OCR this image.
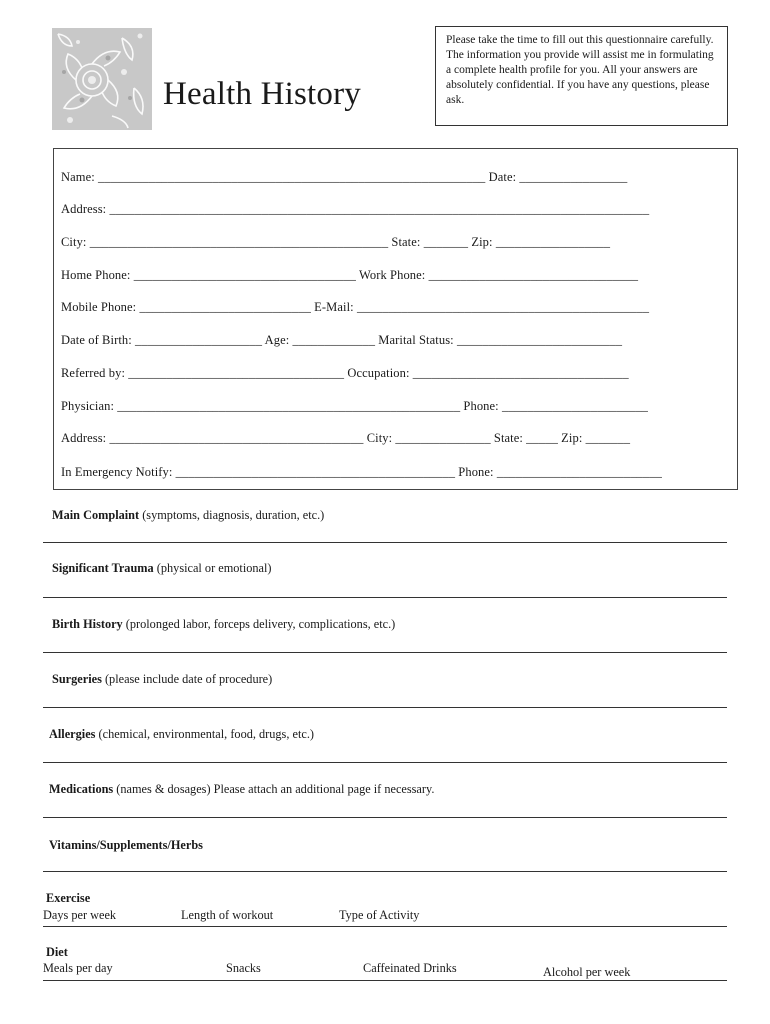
Health History
Please take the time to fill out this questionnaire carefully. The information you provide will assist me in formulating a complete health profile for you. All your answers are absolutely confidential. If you have any questions, please ask.
Name: _____________________________________________________________ Date: _________________
Address: _____________________________________________________________________________________
City: _______________________________________________ State: _______ Zip: __________________
Home Phone: ___________________________________ Work Phone: _________________________________
Mobile Phone: ___________________________ E-Mail: ______________________________________________
Date of Birth: ____________________ Age: _____________ Marital Status: __________________________
Referred by: __________________________________ Occupation: __________________________________
Physician: ______________________________________________________ Phone: _______________________
Address: ________________________________________ City: _______________ State: _____ Zip: _______
In Emergency Notify: ____________________________________________ Phone: __________________________
Main Complaint (symptoms, diagnosis, duration, etc.)
Significant Trauma (physical or emotional)
Birth History (prolonged labor, forceps delivery, complications, etc.)
Surgeries (please include date of procedure)
Allergies (chemical, environmental, food, drugs, etc.)
Medications (names & dosages) Please attach an additional page if necessary.
Vitamins/Supplements/Herbs
Exercise
Days per week	Length of workout	Type of Activity
Diet
Meals per day	Snacks	Caffeinated Drinks	Alcohol per week
